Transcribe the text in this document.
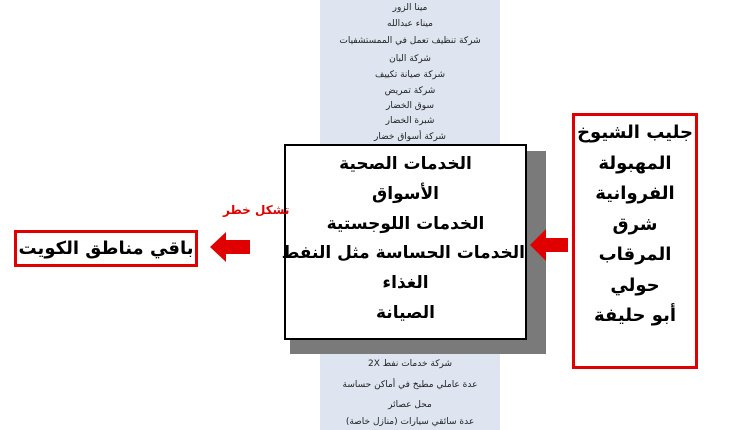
مينا الزور
ميناء عبدالله
شركة تنظيف تعمل في الممستشفيات
شركة البان
شركة صيانة تكييف
شركة تمريض
سوق الخضار
شبرة الخضار
شركة أسواق خضار
شركة خدمات نفط 2X
عدة عاملي مطبخ في أماكن حساسة
محل عصائر
عدة سائقي سيارات (منازل خاصة)
الخدمات الصحية
الأسواق
الخدمات اللوجستية
الخدمات الحساسة مثل النفط
الغذاء
الصيانة
جليب الشيوخ
المهبولة
الفروانية
شرق
المرقاب
حولي
أبو حليفة
تشكل خطر
باقي مناطق الكويت
